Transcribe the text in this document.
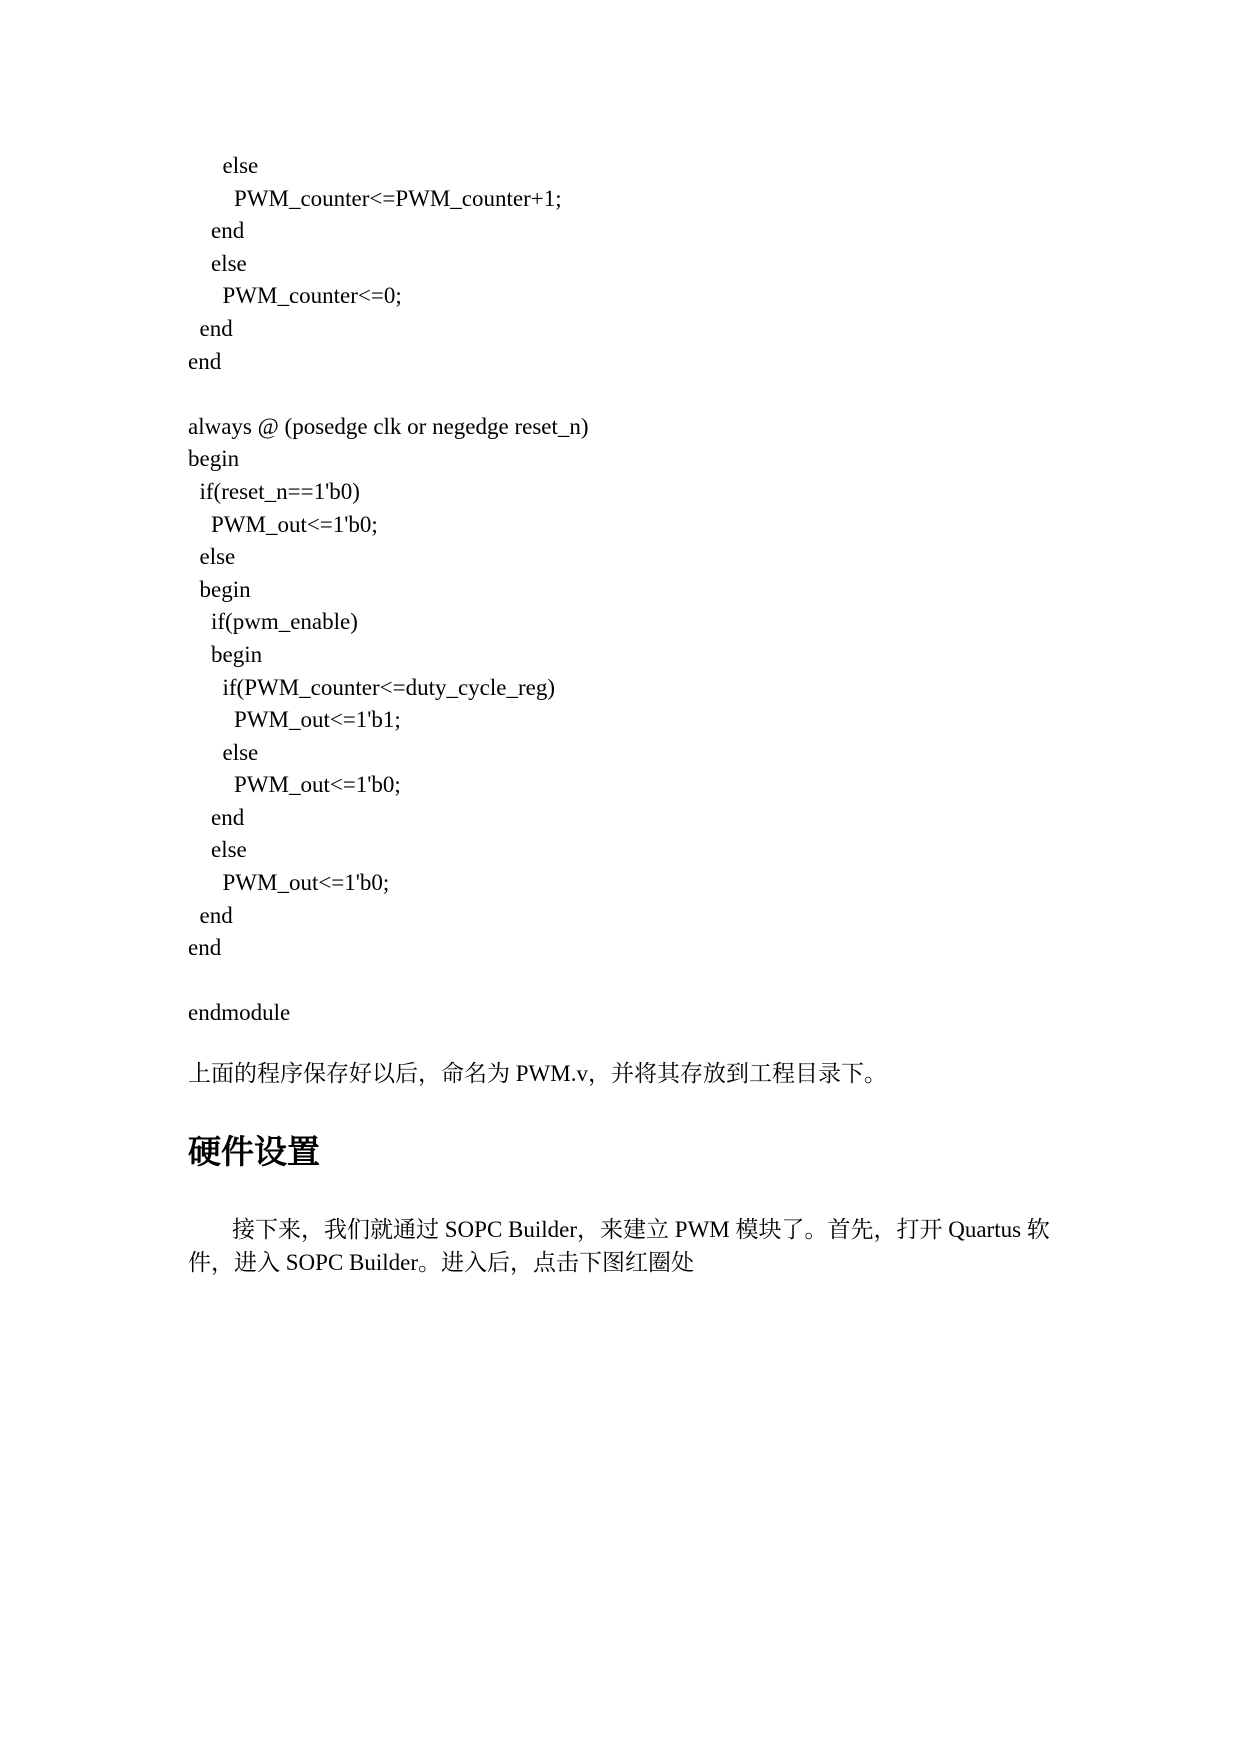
else
PWM_counter<=PWM_counter+1;
end
else
PWM_counter<=0;
end
end
always @ (posedge clk or negedge reset_n)
begin
if(reset_n==1'b0)
PWM_out<=1'b0;
else
begin
if(pwm_enable)
begin
if(PWM_counter<=duty_cycle_reg)
PWM_out<=1'b1;
else
PWM_out<=1'b0;
end
else
PWM_out<=1'b0;
end
end
endmodule
上面的程序保存好以后，命名为 PWM.v，并将其存放到工程目录下。
硬件设置
接下来，我们就通过 SOPC Builder，来建立 PWM 模块了。首先，打开 Quartus 软件，进入 SOPC Builder。进入后，点击下图红圈处
